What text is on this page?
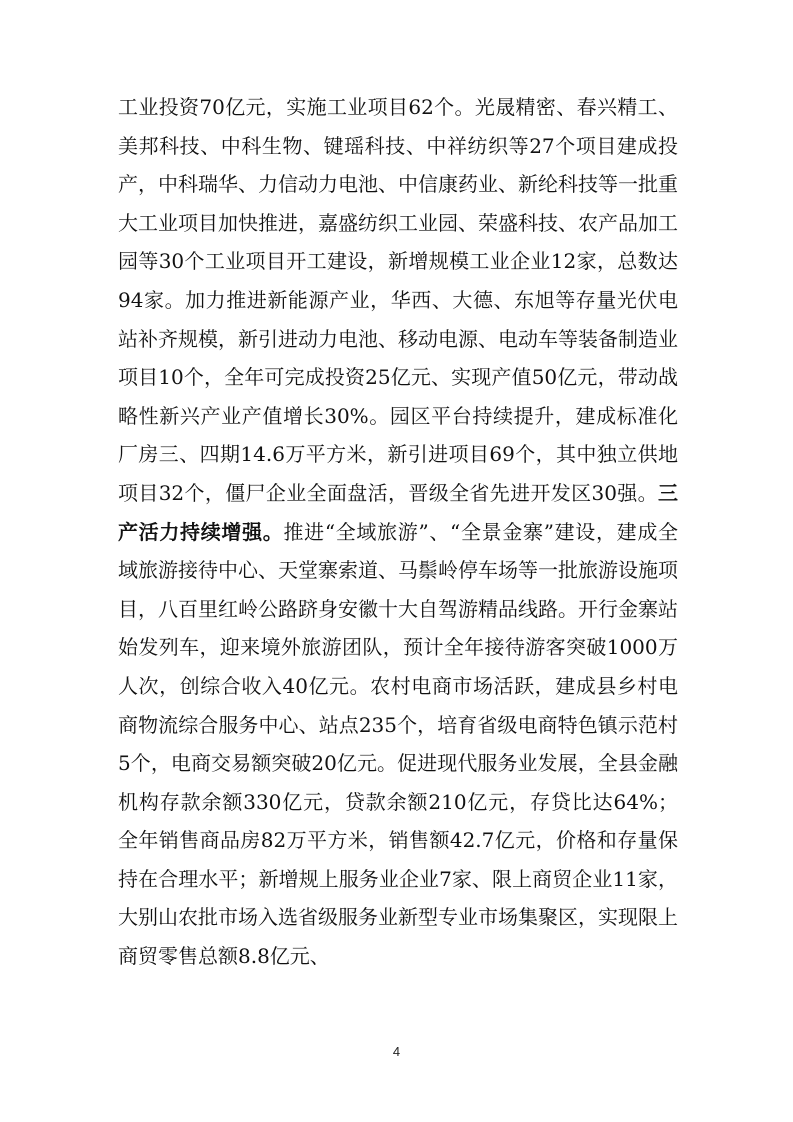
工业投资70亿元，实施工业项目62个。光晟精密、春兴精工、美邦科技、中科生物、键瑶科技、中祥纺织等27个项目建成投产，中科瑞华、力信动力电池、中信康药业、新纶科技等一批重大工业项目加快推进，嘉盛纺织工业园、荣盛科技、农产品加工园等30个工业项目开工建设，新增规模工业企业12家，总数达94家。加力推进新能源产业，华西、大德、东旭等存量光伏电站补齐规模，新引进动力电池、移动电源、电动车等装备制造业项目10个，全年可完成投资25亿元、实现产值50亿元，带动战略性新兴产业产值增长30%。园区平台持续提升，建成标准化厂房三、四期14.6万平方米，新引进项目69个，其中独立供地项目32个，僵尸企业全面盘活，晋级全省先进开发区30强。三产活力持续增强。推进“全域旅游”、“全景金寨”建设，建成全域旅游接待中心、天堂寨索道、马鬃岭停车场等一批旅游设施项目，八百里红岭公路跻身安徽十大自驾游精品线路。开行金寨站始发列车，迎来境外旅游团队，预计全年接待游客突破1000万人次，创综合收入40亿元。农村电商市场活跃，建成县乡村电商物流综合服务中心、站点235个，培育省级电商特色镇示范村5个，电商交易额突破20亿元。促进现代服务业发展，全县金融机构存款余额330亿元，贷款余额210亿元，存贷比达64%；全年销售商品房82万平方米，销售额42.7亿元，价格和存量保持在合理水平；新增规上服务业企业7家、限上商贸企业11家，大别山农批市场入选省级服务业新型专业市场集聚区，实现限上商贸零售总额8.8亿元、

4
